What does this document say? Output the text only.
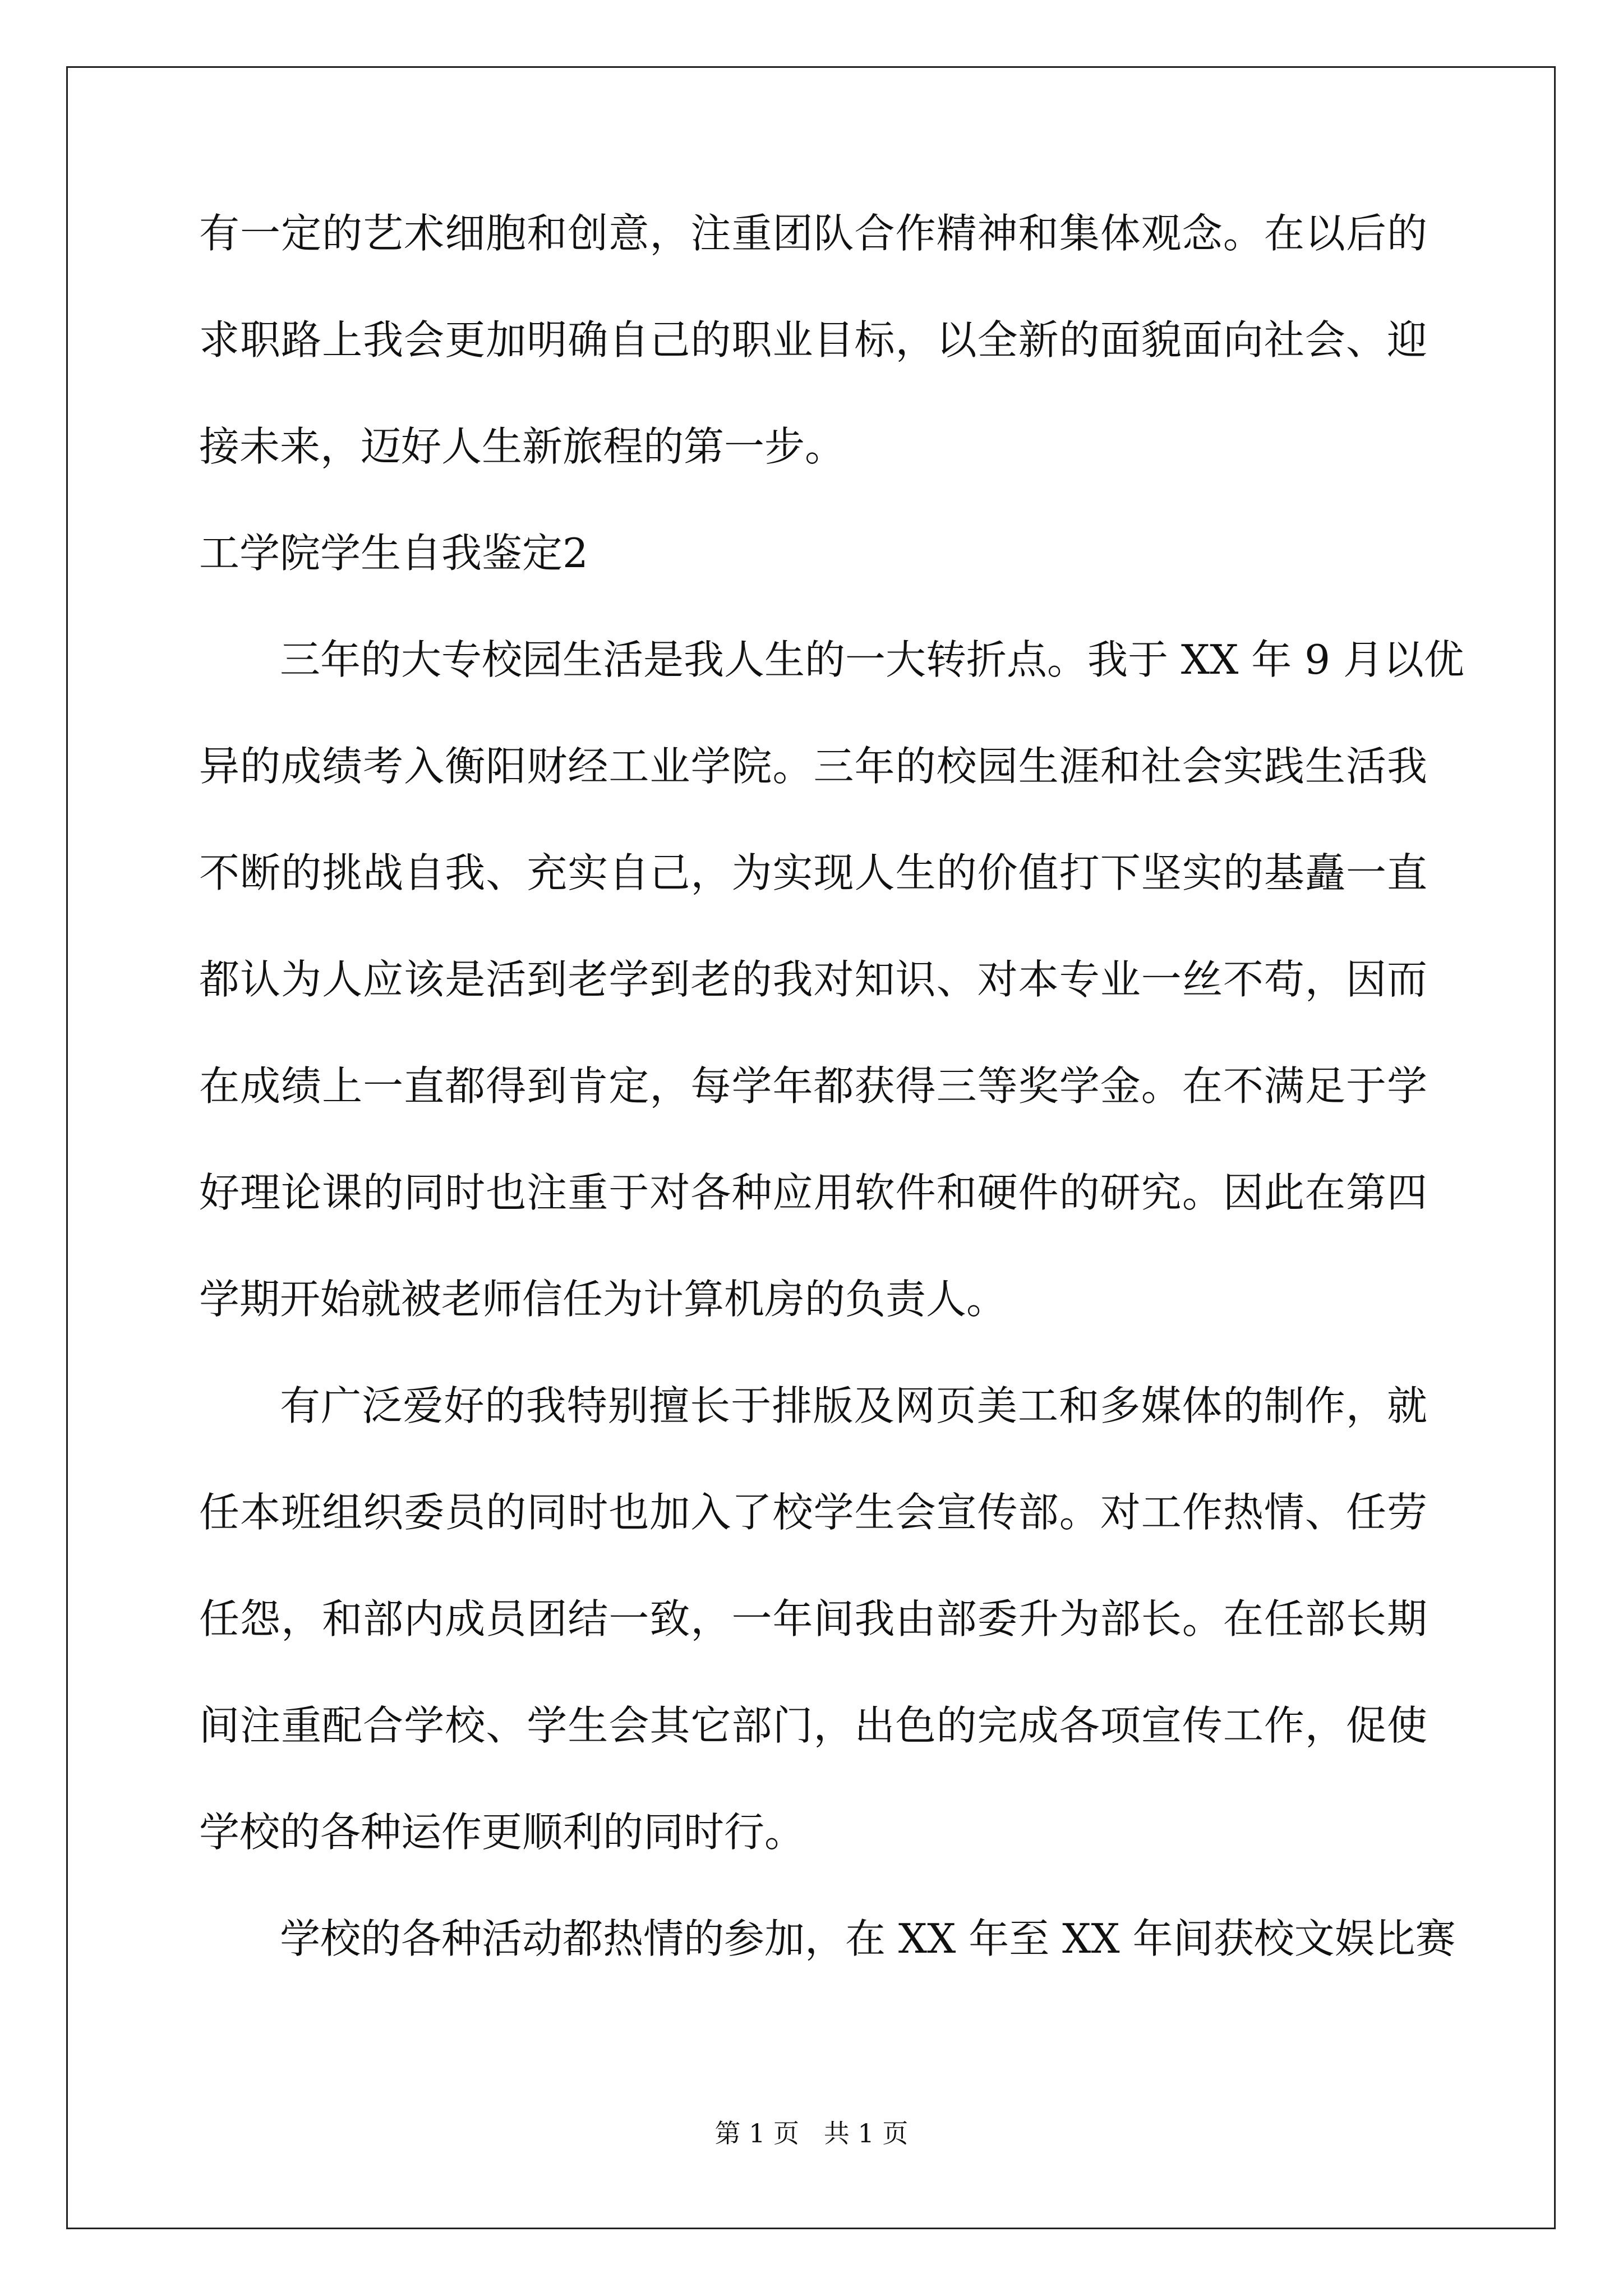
有一定的艺术细胞和创意，注重团队合作精神和集体观念。在以后的
求职路上我会更加明确自己的职业目标，以全新的面貌面向社会、迎
接未来，迈好人生新旅程的第一步。
工学院学生自我鉴定2
三年的大专校园生活是我人生的一大转折点。我于 XX 年 9 月以优
异的成绩考入衡阳财经工业学院。三年的校园生涯和社会实践生活我
不断的挑战自我、充实自己，为实现人生的价值打下坚实的基矗一直
都认为人应该是活到老学到老的我对知识、对本专业一丝不苟，因而
在成绩上一直都得到肯定，每学年都获得三等奖学金。在不满足于学
好理论课的同时也注重于对各种应用软件和硬件的研究。因此在第四
学期开始就被老师信任为计算机房的负责人。
有广泛爱好的我特别擅长于排版及网页美工和多媒体的制作，就
任本班组织委员的同时也加入了校学生会宣传部。对工作热情、任劳
任怨，和部内成员团结一致，一年间我由部委升为部长。在任部长期
间注重配合学校、学生会其它部门，出色的完成各项宣传工作，促使
学校的各种运作更顺利的同时行。
学校的各种活动都热情的参加，在 XX 年至 XX 年间获校文娱比赛
第 1 页   共 1 页
